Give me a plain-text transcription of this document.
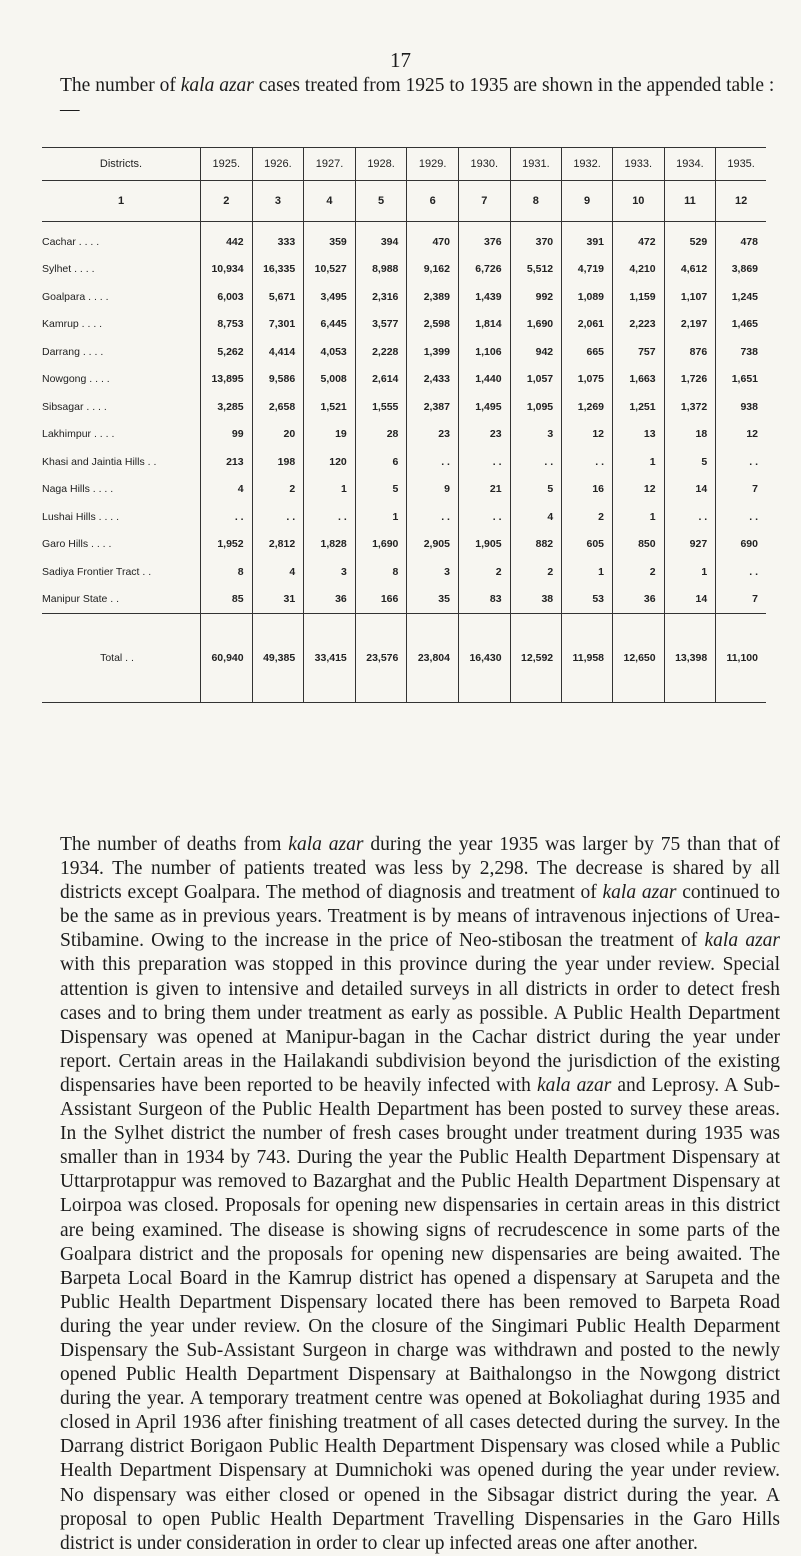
17

The number of kala azar cases treated from 1925 to 1935 are shown in the appended table :—

Districts.	1925.	1926.	1927.	1928.	1929.	1930.	1931.	1932.	1933.	1934.	1935.
1	2	3	4	5	6	7	8	9	10	11	12
Cachar . . . .	442	333	359	394	470	376	370	391	472	529	478
Sylhet . . . .	10,934	16,335	10,527	8,988	9,162	6,726	5,512	4,719	4,210	4,612	3,869
Goalpara . . . .	6,003	5,671	3,495	2,316	2,389	1,439	992	1,089	1,159	1,107	1,245
Kamrup . . . .	8,753	7,301	6,445	3,577	2,598	1,814	1,690	2,061	2,223	2,197	1,465
Darrang . . . .	5,262	4,414	4,053	2,228	1,399	1,106	942	665	757	876	738
Nowgong . . . .	13,895	9,586	5,008	2,614	2,433	1,440	1,057	1,075	1,663	1,726	1,651
Sibsagar . . . .	3,285	2,658	1,521	1,555	2,387	1,495	1,095	1,269	1,251	1,372	938
Lakhimpur . . . .	99	20	19	28	23	23	3	12	13	18	12
Khasi and Jaintia Hills . .	213	198	120	6	. .	. .	. .	. .	1	5	. .
Naga Hills . . . .	4	2	1	5	9	21	5	16	12	14	7
Lushai Hills . . . .	. .	. .	. .	1	. .	. .	4	2	1	. .	. .
Garo Hills . . . .	1,952	2,812	1,828	1,690	2,905	1,905	882	605	850	927	690
Sadiya Frontier Tract . .	8	4	3	8	3	2	2	1	2	1	. .
Manipur State . .	85	31	36	166	35	83	38	53	36	14	7
Total . .	60,940	49,385	33,415	23,576	23,804	16,430	12,592	11,958	12,650	13,398	11,100

The number of deaths from kala azar during the year 1935 was larger by 75 than that of 1934. The number of patients treated was less by 2,298. The decrease is shared by all districts except Goalpara. The method of diagnosis and treatment of kala azar continued to be the same as in previous years. Treatment is by means of intravenous injections of Urea-Stibamine. Owing to the increase in the price of Neo-stibosan the treatment of kala azar with this preparation was stopped in this province during the year under review. Special attention is given to intensive and detailed surveys in all districts in order to detect fresh cases and to bring them under treatment as early as possible. A Public Health Department Dispensary was opened at Manipur-bagan in the Cachar district during the year under report. Certain areas in the Hailakandi subdivision beyond the jurisdiction of the existing dispensaries have been reported to be heavily infected with kala azar and Leprosy. A Sub-Assistant Surgeon of the Public Health Department has been posted to survey these areas. In the Sylhet district the number of fresh cases brought under treatment during 1935 was smaller than in 1934 by 743. During the year the Public Health Department Dispensary at Uttarprotappur was removed to Bazarghat and the Public Health Department Dispensary at Loirpoa was closed. Proposals for opening new dispensaries in certain areas in this district are being examined. The disease is showing signs of recrudescence in some parts of the Goalpara district and the proposals for opening new dispensaries are being awaited. The Barpeta Local Board in the Kamrup district has opened a dispensary at Sarupeta and the Public Health Department Dispensary located there has been removed to Barpeta Road during the year under review. On the closure of the Singimari Public Health Deparment Dispensary the Sub-Assistant Surgeon in charge was withdrawn and posted to the newly opened Public Health Department Dispensary at Baithalongso in the Nowgong district during the year. A temporary treatment centre was opened at Bokoliaghat during 1935 and closed in April 1936 after finishing treatment of all cases detected during the survey. In the Darrang district Borigaon Public Health Department Dispensary was closed while a Public Health Department Dispensary at Dumnichoki was opened during the year under review. No dispensary was either closed or opened in the Sibsagar district during the year. A proposal to open Public Health Department Travelling Dispensaries in the Garo Hills district is under consideration in order to clear up infected areas one after another.
